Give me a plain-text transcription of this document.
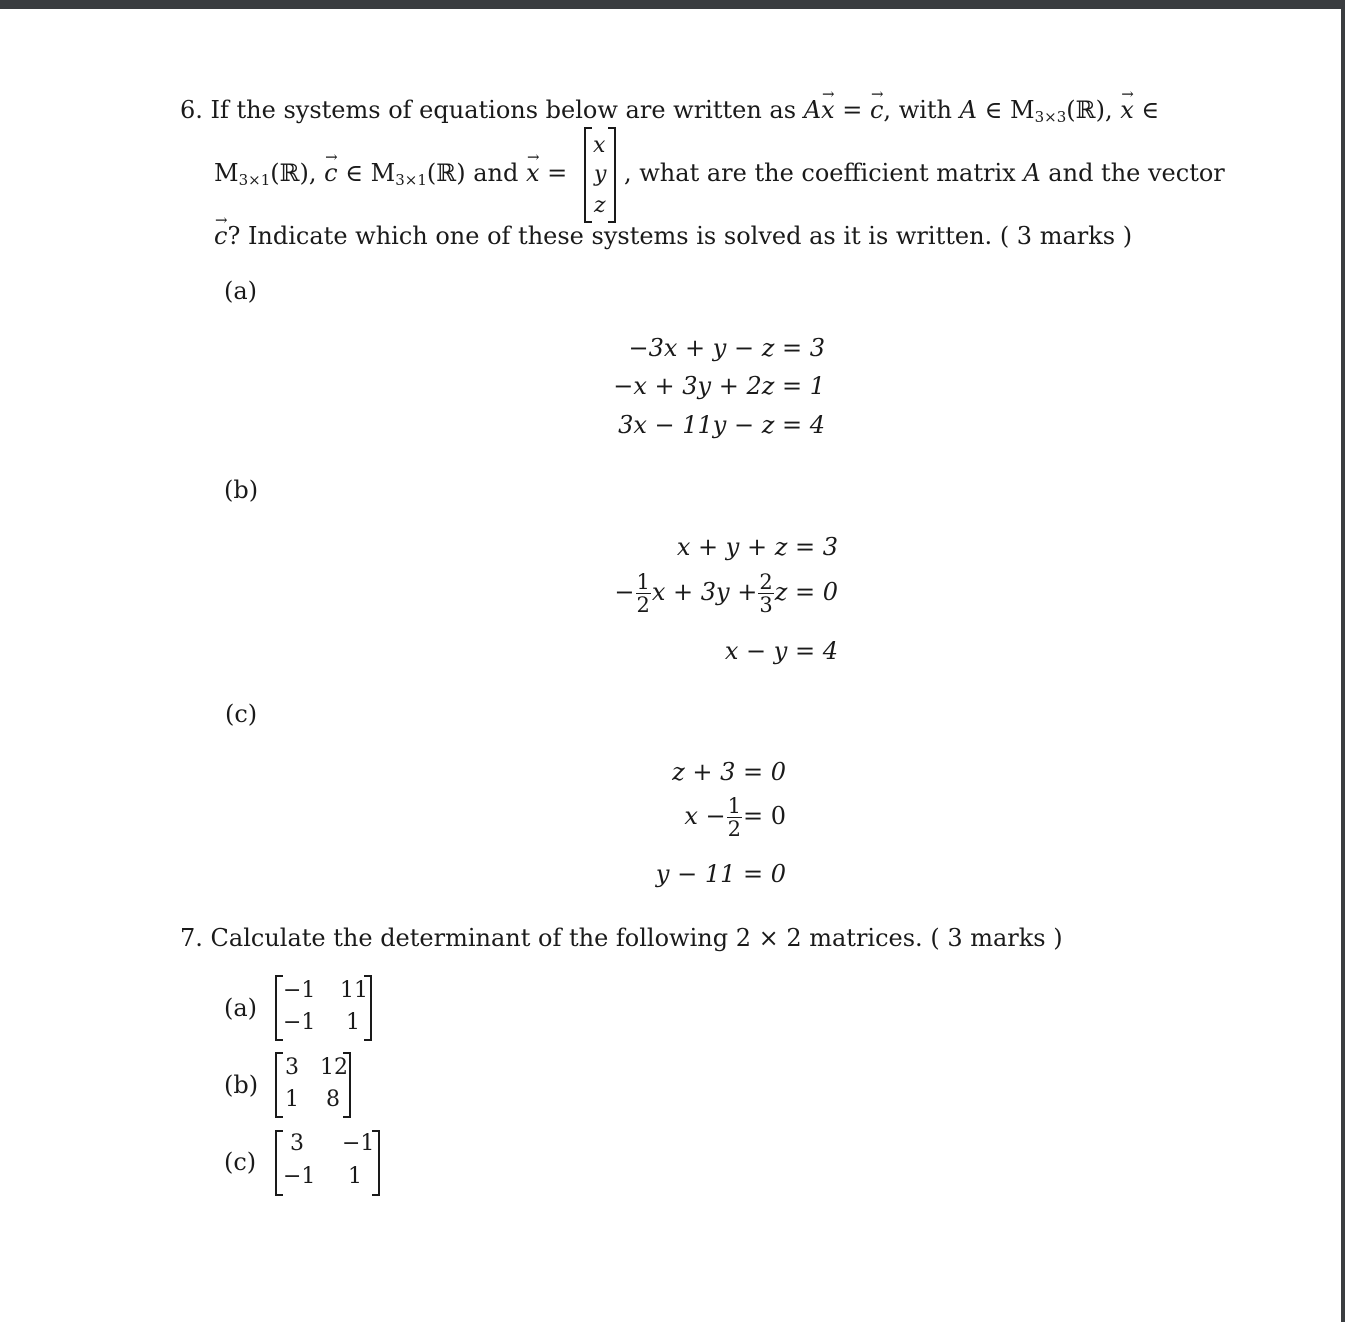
6. If the systems of equations below are written as A→ x = → c, with A ∈ M3×3(ℝ), → x ∈
M3×1(ℝ), → c ∈ M3×1(ℝ) and → x =
x
y
z
, what are the coefficient matrix A and the vector
→ c? Indicate which one of these systems is solved as it is written. ( 3 marks )
(a)
−3x + y − z = 3
−x + 3y + 2z = 1
3x − 11y − z = 4
(b)
x + y + z = 3
− $\frac{1}{2}$ $x + 3y + \frac{2}{3}$ z = 0
x − y = 4
(c)
z + 3 = 0
$x - \frac{1}{2} = 0$
y − 11 = 0
7. Calculate the determinant of the following 2 × 2 matrices. ( 3 marks )
(a)
−1 11
−1 1
(b)
3 12
1 8
(c)
3 −1
−1 1
